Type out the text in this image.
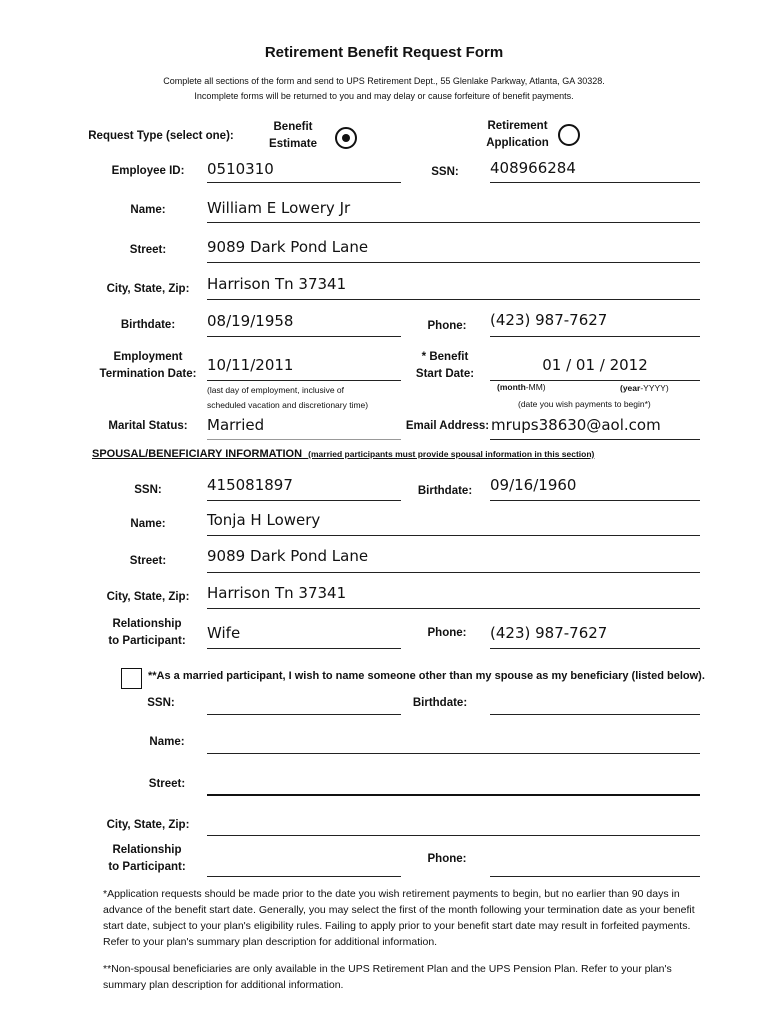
Retirement Benefit Request Form
Complete all sections of the form and send to UPS Retirement Dept., 55 Glenlake Parkway, Atlanta, GA 30328.
Incomplete forms will be returned to you and may delay or cause forfeiture of benefit payments.
Request Type (select one):
Benefit
Estimate
Retirement
Application
Employee ID:	0510310	SSN:	408966284
Name:	William E Lowery Jr
Street:	9089 Dark Pond Lane
City, State, Zip:	Harrison Tn 37341
Birthdate:	08/19/1958	Phone:	(423) 987-7627
Employment
Termination Date: 10/11/2011
(last day of employment, inclusive of
scheduled vacation and discretionary time)
* Benefit
Start Date:	01 / 01 / 2012
(month-MM)	(year-YYYY)
(date you wish payments to begin*)
Marital Status:	Married	Email Address: mrups38630@aol.com
SPOUSAL/BENEFICIARY INFORMATION (married participants must provide spousal information in this section)
SSN:	415081897	Birthdate:	09/16/1960
Name:	Tonja H Lowery
Street:	9089 Dark Pond Lane
City, State, Zip:	Harrison Tn 37341
Relationship
to Participant:	Wife	Phone:	(423) 987-7627
**As a married participant, I wish to name someone other than my spouse as my beneficiary (listed below).
SSN:	Birthdate:
Name:
Street:
City, State, Zip:
Relationship
to Participant:
Phone:
*Application requests should be made prior to the date you wish retirement payments to begin, but no earlier than 90 days in advance of the benefit start date. Generally, you may select the first of the month following your termination date as your benefit start date, subject to your plan's eligibility rules. Failing to apply prior to your benefit start date may result in forfeited payments. Refer to your plan's summary plan description for additional information.
**Non-spousal beneficiaries are only available in the UPS Retirement Plan and the UPS Pension Plan. Refer to your plan's summary plan description for additional information.
